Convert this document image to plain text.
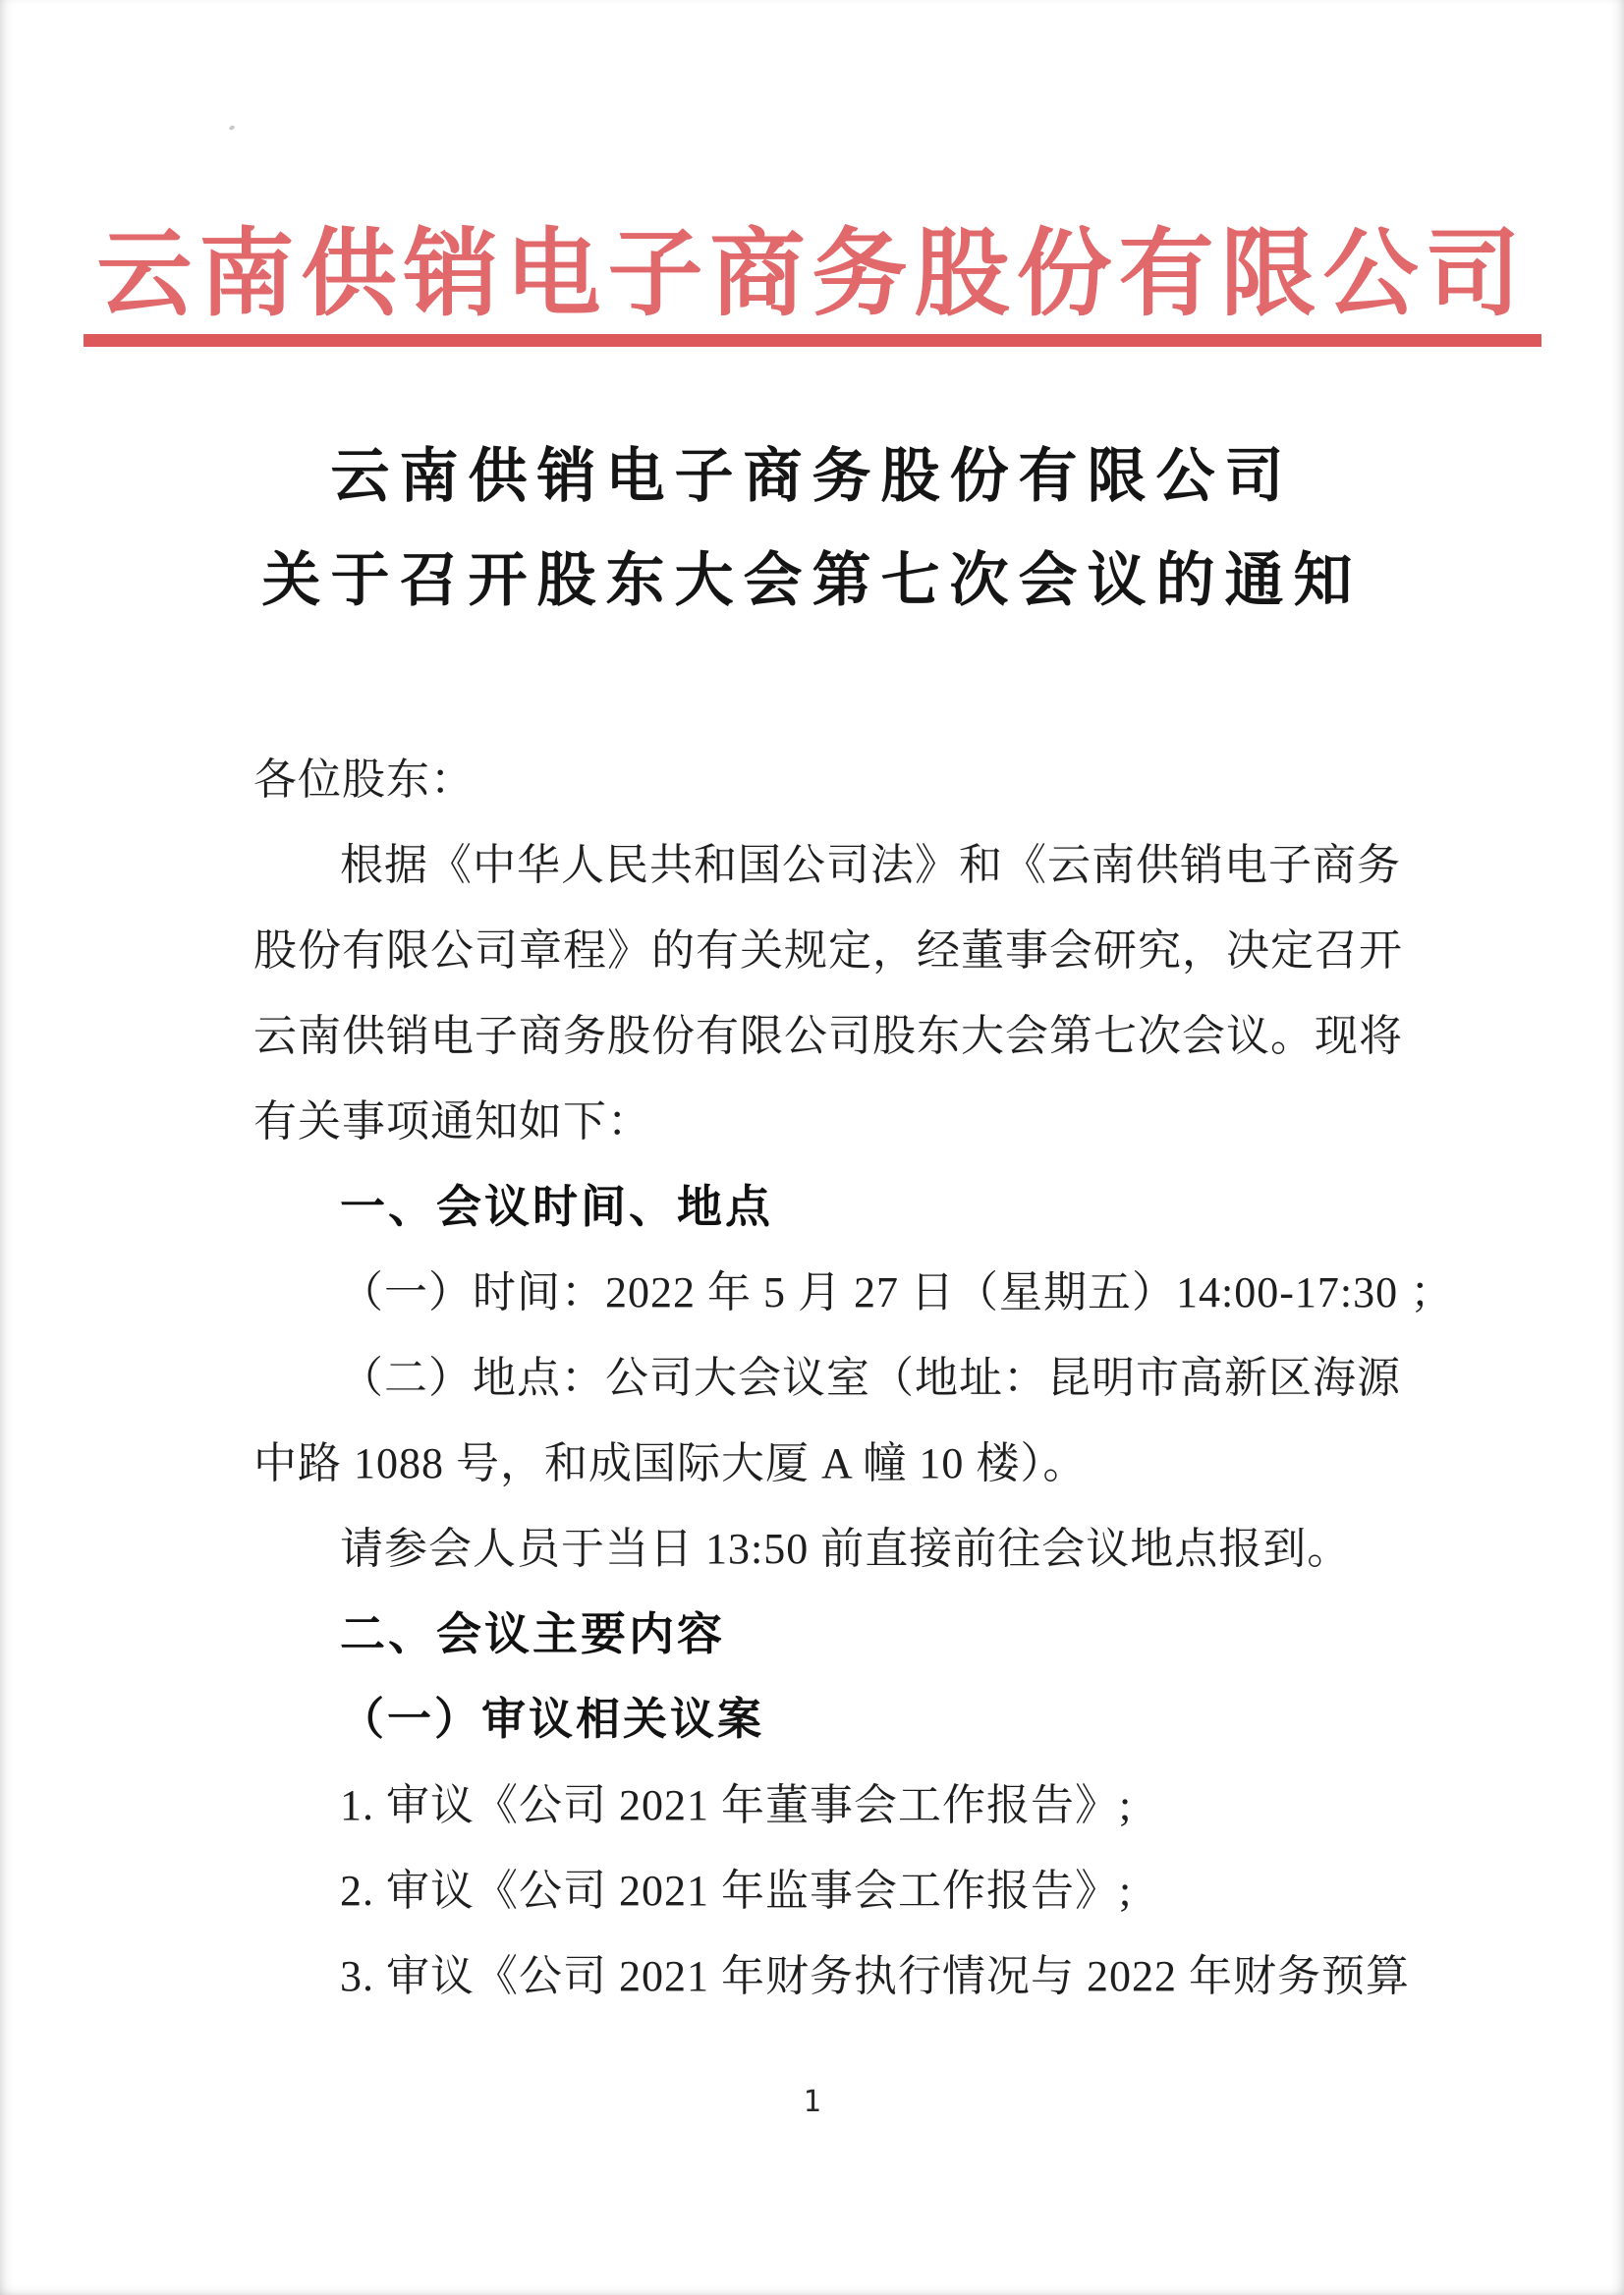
云南供销电子商务股份有限公司
云南供销电子商务股份有限公司
关于召开股东大会第七次会议的通知
各位股东：
根据《中华人民共和国公司法》和《云南供销电子商务
股份有限公司章程》的有关规定，经董事会研究，决定召开
云南供销电子商务股份有限公司股东大会第七次会议。现将
有关事项通知如下：
一、会议时间、地点
（一）时间：2022 年 5 月 27 日（星期五）14:00-17:30 ；
（二）地点：公司大会议室（地址：昆明市高新区海源
中路 1088 号，和成国际大厦 A 幢 10 楼）。
请参会人员于当日 13:50 前直接前往会议地点报到。
二、会议主要内容
（一）审议相关议案
1. 审议《公司 2021 年董事会工作报告》;
2. 审议《公司 2021 年监事会工作报告》;
3. 审议《公司 2021 年财务执行情况与 2022 年财务预算
1
